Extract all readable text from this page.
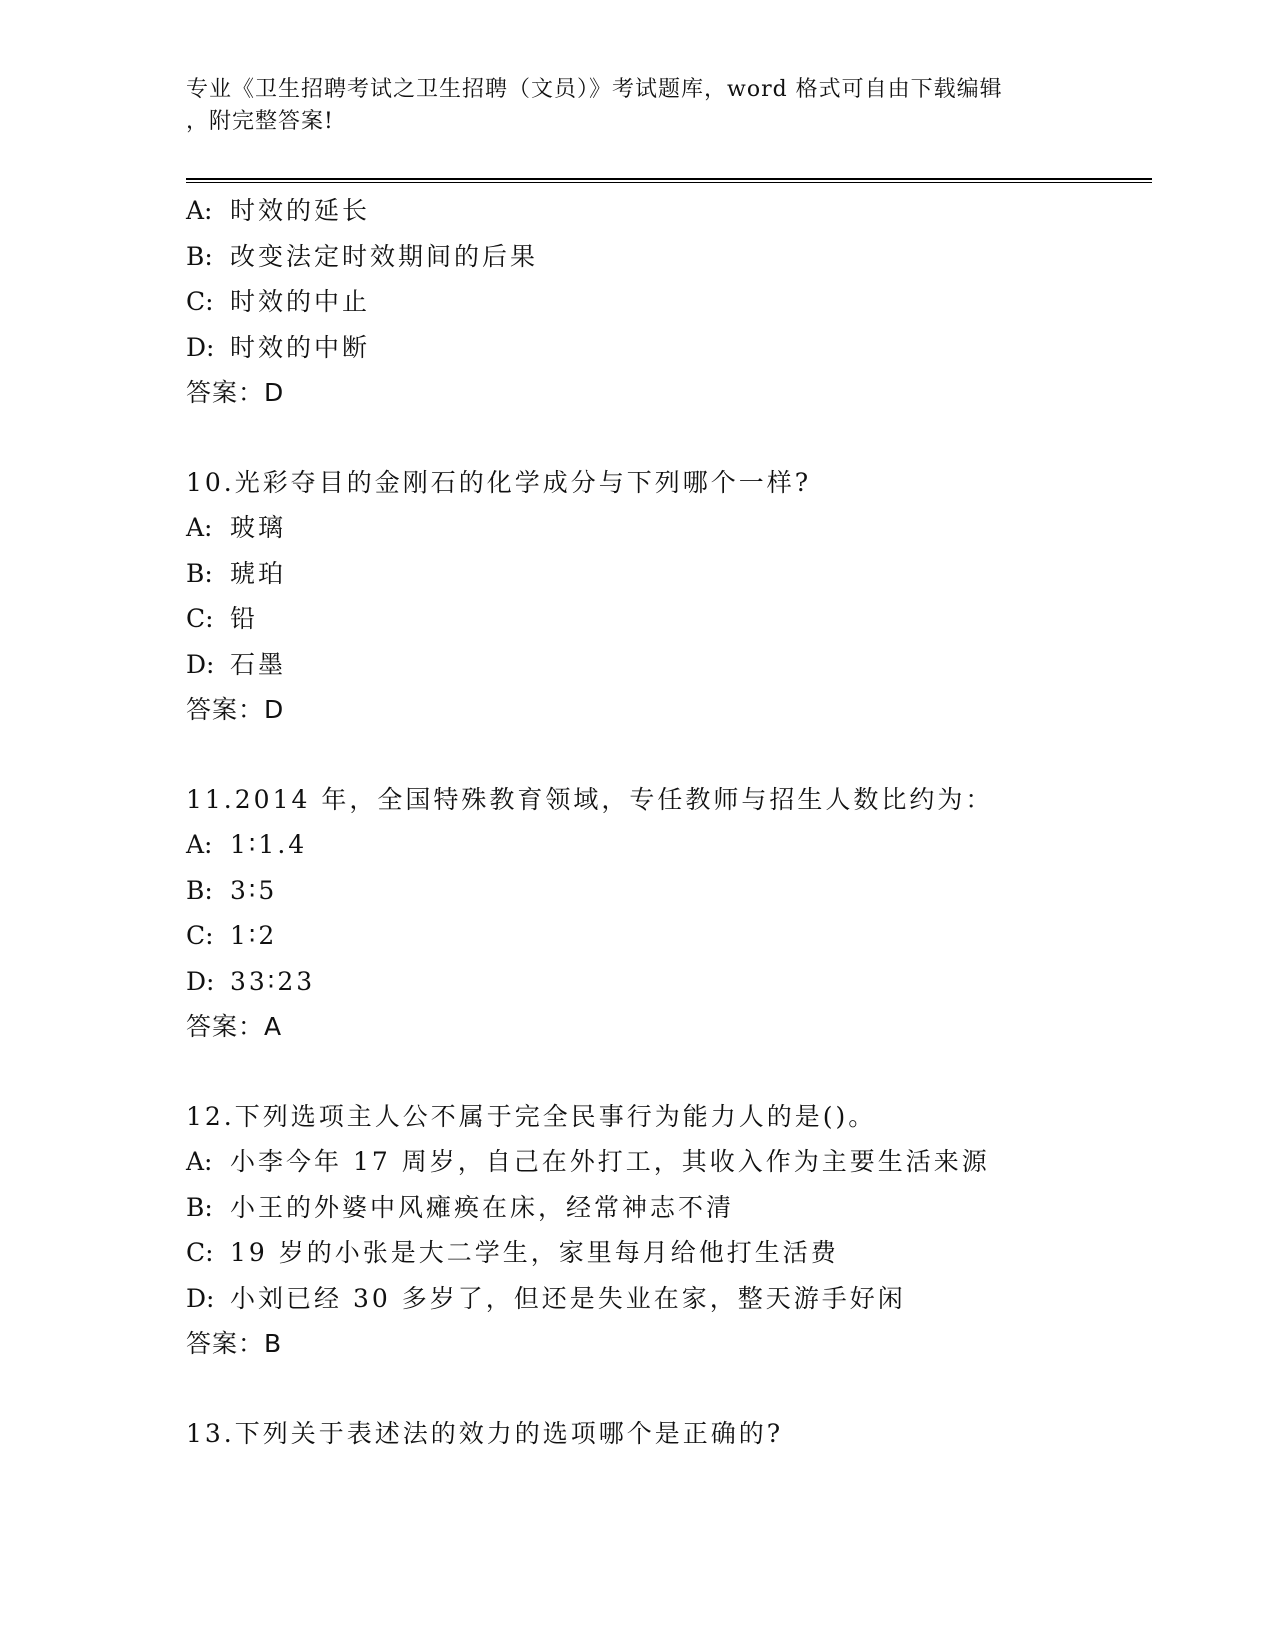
专业《卫生招聘考试之卫生招聘（文员）》考试题库，word 格式可自由下载编辑
，附完整答案!
A: 时效的延长
B: 改变法定时效期间的后果
C: 时效的中止
D: 时效的中断
答案：D
10.光彩夺目的金刚石的化学成分与下列哪个一样?
A: 玻璃
B: 琥珀
C: 铅
D: 石墨
答案：D
11.2014 年，全国特殊教育领域，专任教师与招生人数比约为：
A: 1∶1.4
B: 3∶5
C: 1∶2
D: 33∶23
答案：A
12.下列选项主人公不属于完全民事行为能力人的是()。
A: 小李今年 17 周岁，自己在外打工，其收入作为主要生活来源
B: 小王的外婆中风瘫痪在床，经常神志不清
C: 19 岁的小张是大二学生，家里每月给他打生活费
D: 小刘已经 30 多岁了，但还是失业在家，整天游手好闲
答案：B
13.下列关于表述法的效力的选项哪个是正确的?
